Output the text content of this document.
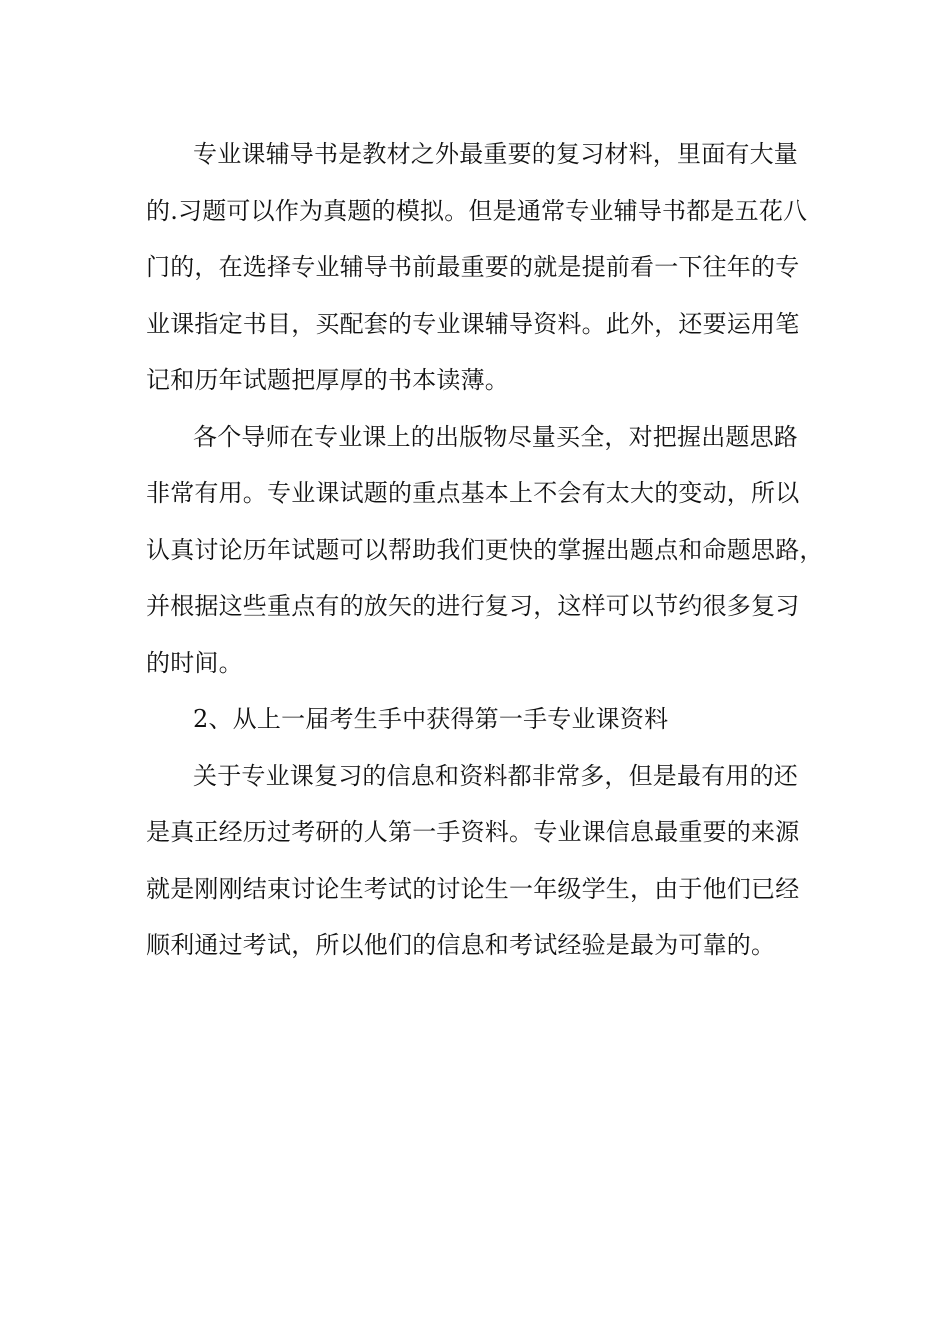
专业课辅导书是教材之外最重要的复习材料，里面有大量
的.习题可以作为真题的模拟。但是通常专业辅导书都是五花八
门的，在选择专业辅导书前最重要的就是提前看一下往年的专
业课指定书目，买配套的专业课辅导资料。此外，还要运用笔
记和历年试题把厚厚的书本读薄。
各个导师在专业课上的出版物尽量买全，对把握出题思路
非常有用。专业课试题的重点基本上不会有太大的变动，所以
认真讨论历年试题可以帮助我们更快的掌握出题点和命题思路，
并根据这些重点有的放矢的进行复习，这样可以节约很多复习
的时间。
2、从上一届考生手中获得第一手专业课资料
关于专业课复习的信息和资料都非常多，但是最有用的还
是真正经历过考研的人第一手资料。专业课信息最重要的来源
就是刚刚结束讨论生考试的讨论生一年级学生，由于他们已经
顺利通过考试，所以他们的信息和考试经验是最为可靠的。
